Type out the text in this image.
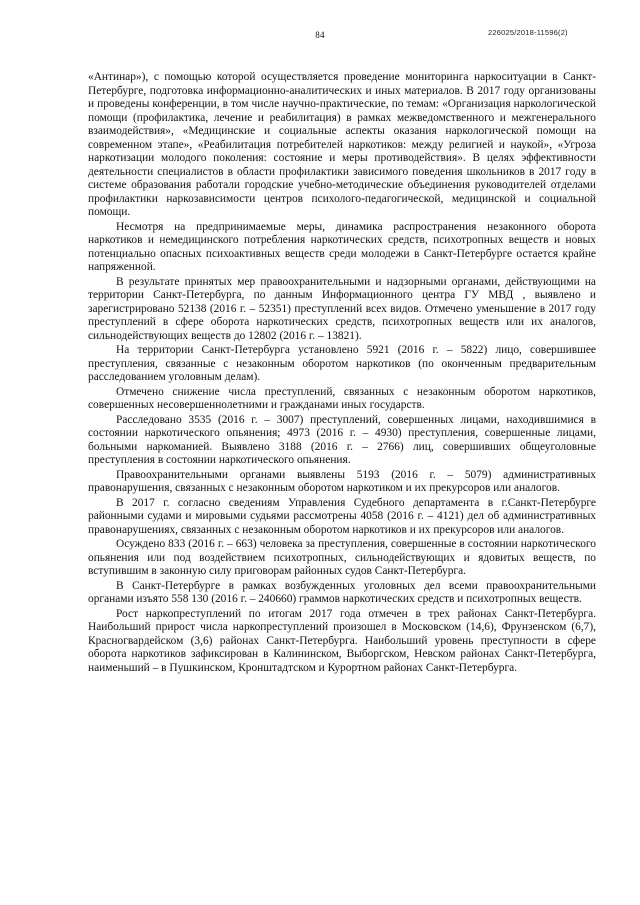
84	226025/2018-11596(2)

«Антинар»), с помощью которой осуществляется проведение мониторинга наркоситуации в Санкт-Петербурге, подготовка информационно-аналитических и иных материалов. В 2017 году организованы и проведены конференции, в том числе научно-практические, по темам: «Организация наркологической помощи (профилактика, лечение и реабилитация) в рамках межведомственного и межгенерального взаимодействия», «Медицинские и социальные аспекты оказания наркологической помощи на современном этапе», «Реабилитация потребителей наркотиков: между религией и наукой», «Угроза наркотизации молодого поколения: состояние и меры противодействия». В целях эффективности деятельности специалистов в области профилактики зависимого поведения школьников в 2017 году в системе образования работали городские учебно-методические объединения руководителей отделами профилактики наркозависимости центров психолого-педагогической, медицинской и социальной помощи.

Несмотря на предпринимаемые меры, динамика распространения незаконного оборота наркотиков и немедицинского потребления наркотических средств, психотропных веществ и новых потенциально опасных психоактивных веществ среди молодежи в Санкт-Петербурге остается крайне напряженной.

В результате принятых мер правоохранительными и надзорными органами, действующими на территории Санкт-Петербурга, по данным Информационного центра ГУ МВД , выявлено и зарегистрировано 52138 (2016 г. – 52351) преступлений всех видов. Отмечено уменьшение в 2017 году преступлений в сфере оборота наркотических средств, психотропных веществ или их аналогов, сильнодействующих веществ до 12802 (2016 г. – 13821).

На территории Санкт-Петербурга установлено 5921 (2016 г. – 5822) лицо, совершившее преступления, связанные с незаконным оборотом наркотиков (по оконченным предварительным расследованием уголовным делам).

Отмечено снижение числа преступлений, связанных с незаконным оборотом наркотиков, совершенных несовершеннолетними и гражданами иных государств.

Расследовано 3535 (2016 г. – 3007) преступлений, совершенных лицами, находившимися в состоянии наркотического опьянения; 4973 (2016 г. – 4930) преступления, совершенные лицами, больными наркоманией. Выявлено 3188 (2016 г. – 2766) лиц, совершивших общеуголовные преступления в состоянии наркотического опьянения.

Правоохранительными органами выявлены 5193 (2016 г. – 5079) административных правонарушения, связанных с незаконным оборотом наркотиком и их прекурсоров или аналогов.

В 2017 г. согласно сведениям Управления Судебного департамента в г.Санкт-Петербурге районными судами и мировыми судьями рассмотрены 4058 (2016 г. – 4121) дел об административных правонарушениях, связанных с незаконным оборотом наркотиков и их прекурсоров или аналогов.

Осуждено 833 (2016 г. – 663) человека за преступления, совершенные в состоянии наркотического опьянения или под воздействием психотропных, сильнодействующих и ядовитых веществ, по вступившим в законную силу приговорам районных судов Санкт-Петербурга.

В Санкт-Петербурге в рамках возбужденных уголовных дел всеми правоохранительными органами изъято 558 130 (2016 г. – 240660) граммов наркотических средств и психотропных веществ.

Рост наркопреступлений по итогам 2017 года отмечен в трех районах Санкт-Петербурга. Наибольший прирост числа наркопреступлений произошел в Московском (14,6), Фрунзенском (6,7), Красногвардейском (3,6) районах Санкт-Петербурга. Наибольший уровень преступности в сфере оборота наркотиков зафиксирован в Калининском, Выборгском, Невском районах Санкт-Петербурга, наименьший – в Пушкинском, Кронштадтском и Курортном районах Санкт-Петербурга.
